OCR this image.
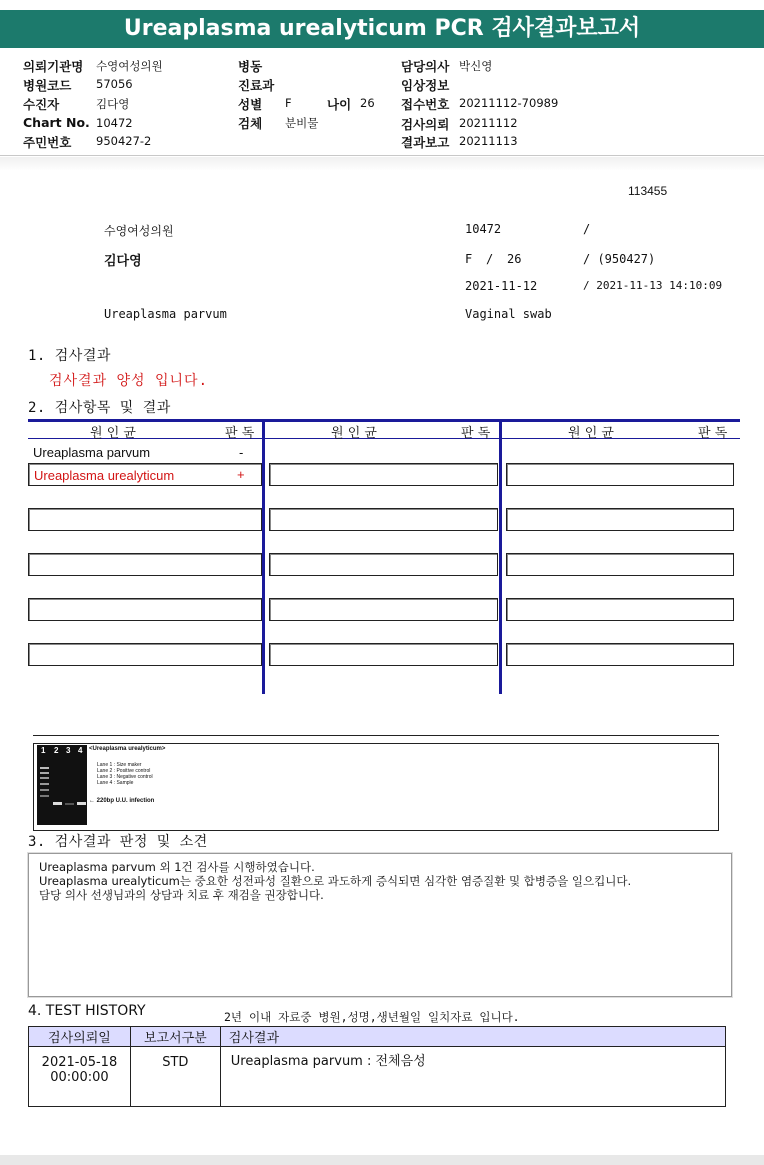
Ureaplasma urealyticum PCR 검사결과보고서
의뢰기관명 수영여성의원
병원코드 57056
수진자	김다영
Chart No. 10472
주민번호 950427-2
병동
진료과
성별 F	나이 26
검체 분비물
담당의사 박신영
임상정보
접수번호 20211112-70989
검사의뢰 20211112
결과보고 20211113
113455
수영여성의원	10472	/
김다영	F / 26	/ (950427)
2021-11-12	/ 2021-11-13 14:10:09
Ureaplasma parvum	Vaginal swab
1. 검사결과
검사결과 양성 입니다.
2. 검사항목 및 결과
원 인 균	판 독	원 인 균	판 독	원 인 균	판 독
Ureaplasma parvum	-
Ureaplasma urealyticum	+
1 2 3 4 <Ureaplasma urealyticum>
Lane 1 : Size maker
Lane 2 : Positive control
Lane 3 : Negative control
Lane 4 : Sample
← 220bp U.U. infection
3. 검사결과 판정 및 소견
Ureaplasma parvum 외 1건 검사를 시행하였습니다.
Ureaplasma urealyticum는 중요한 성전파성 질환으로 과도하게 증식되면 심각한 염증질환 및 합병증을 일으킵니다.
담당 의사 선생님과의 상담과 치료 후 재검을 권장합니다.
4. TEST HISTORY	2년 이내 자료중 병원,성명,생년월일 일치자료 입니다.
검사의뢰일	보고서구분	검사결과

2021-05-18
00:00:00	STD	Ureaplasma parvum : 전체음성
